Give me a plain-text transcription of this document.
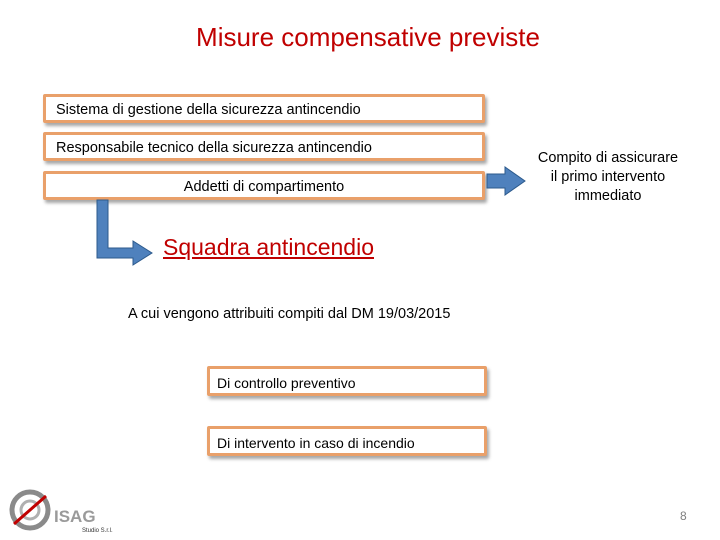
Misure compensative previste
Sistema di gestione della sicurezza antincendio
Responsabile tecnico della sicurezza antincendio
Addetti di compartimento
Squadra antincendio
Compito di assicurare il primo intervento immediato
A cui vengono attribuiti compiti dal DM 19/03/2015
Di controllo preventivo
Di intervento in caso di incendio
ISAG
Studio S.r.l.
8
